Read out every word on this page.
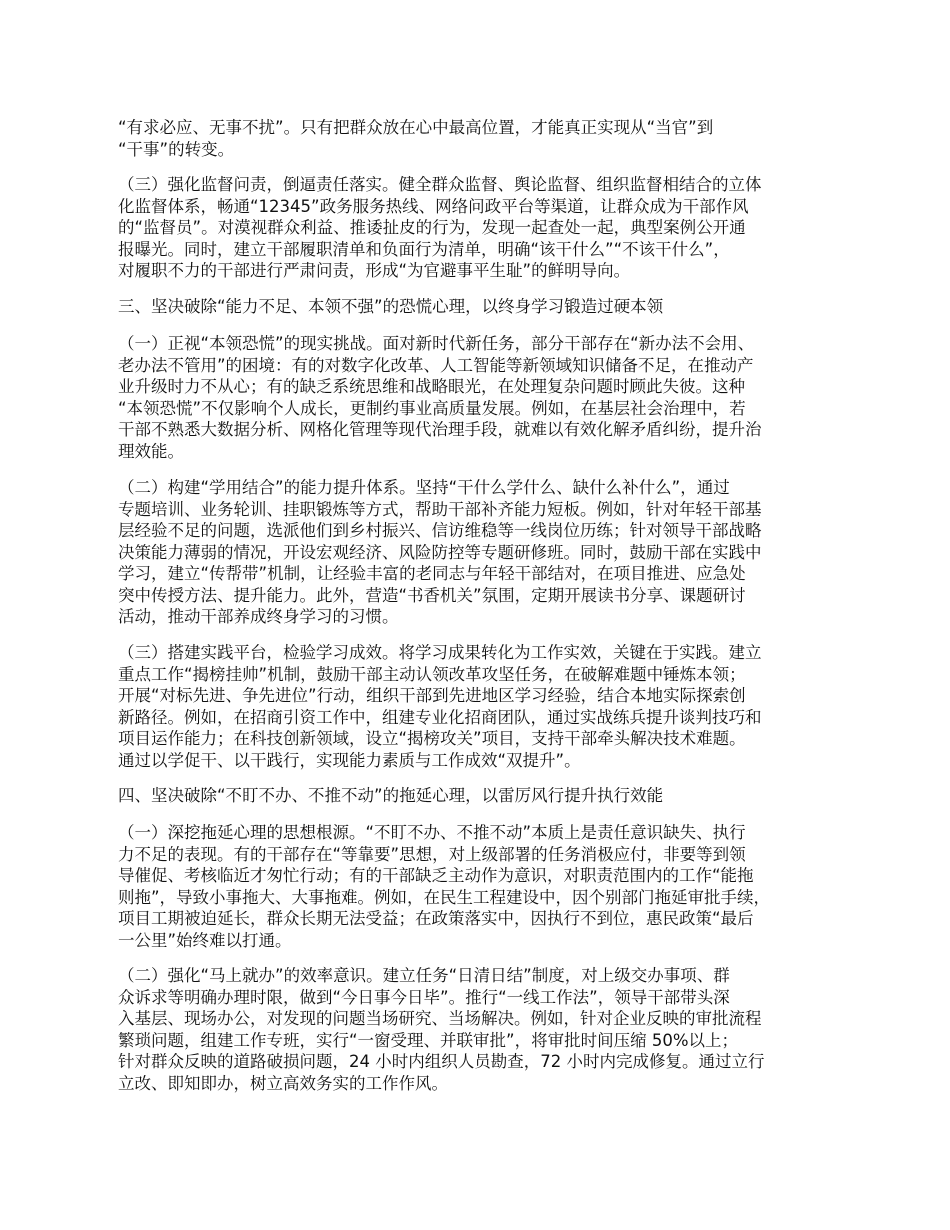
“有求必应、无事不扰”。只有把群众放在心中最高位置，才能真正实现从“当官”到
“干事”的转变。
（三）强化监督问责，倒逼责任落实。健全群众监督、舆论监督、组织监督相结合的立体
化监督体系，畅通“12345”政务服务热线、网络问政平台等渠道，让群众成为干部作风
的“监督员”。对漠视群众利益、推诿扯皮的行为，发现一起查处一起，典型案例公开通
报曝光。同时，建立干部履职清单和负面行为清单，明确“该干什么”“不该干什么”，
对履职不力的干部进行严肃问责，形成“为官避事平生耻”的鲜明导向。
三、坚决破除“能力不足、本领不强”的恐慌心理，以终身学习锻造过硬本领
（一）正视“本领恐慌”的现实挑战。面对新时代新任务，部分干部存在“新办法不会用、
老办法不管用”的困境：有的对数字化改革、人工智能等新领域知识储备不足，在推动产
业升级时力不从心；有的缺乏系统思维和战略眼光，在处理复杂问题时顾此失彼。这种
“本领恐慌”不仅影响个人成长，更制约事业高质量发展。例如，在基层社会治理中，若
干部不熟悉大数据分析、网格化管理等现代治理手段，就难以有效化解矛盾纠纷，提升治
理效能。
（二）构建“学用结合”的能力提升体系。坚持“干什么学什么、缺什么补什么”，通过
专题培训、业务轮训、挂职锻炼等方式，帮助干部补齐能力短板。例如，针对年轻干部基
层经验不足的问题，选派他们到乡村振兴、信访维稳等一线岗位历练；针对领导干部战略
决策能力薄弱的情况，开设宏观经济、风险防控等专题研修班。同时，鼓励干部在实践中
学习，建立“传帮带”机制，让经验丰富的老同志与年轻干部结对，在项目推进、应急处
突中传授方法、提升能力。此外，营造“书香机关”氛围，定期开展读书分享、课题研讨
活动，推动干部养成终身学习的习惯。
（三）搭建实践平台，检验学习成效。将学习成果转化为工作实效，关键在于实践。建立
重点工作“揭榜挂帅”机制，鼓励干部主动认领改革攻坚任务，在破解难题中锤炼本领；
开展“对标先进、争先进位”行动，组织干部到先进地区学习经验，结合本地实际探索创
新路径。例如，在招商引资工作中，组建专业化招商团队，通过实战练兵提升谈判技巧和
项目运作能力；在科技创新领域，设立“揭榜攻关”项目，支持干部牵头解决技术难题。
通过以学促干、以干践行，实现能力素质与工作成效“双提升”。
四、坚决破除“不盯不办、不推不动”的拖延心理，以雷厉风行提升执行效能
（一）深挖拖延心理的思想根源。“不盯不办、不推不动”本质上是责任意识缺失、执行
力不足的表现。有的干部存在“等靠要”思想，对上级部署的任务消极应付，非要等到领
导催促、考核临近才匆忙行动；有的干部缺乏主动作为意识，对职责范围内的工作“能拖
则拖”，导致小事拖大、大事拖难。例如，在民生工程建设中，因个别部门拖延审批手续，
项目工期被迫延长，群众长期无法受益；在政策落实中，因执行不到位，惠民政策“最后
一公里”始终难以打通。
（二）强化“马上就办”的效率意识。建立任务“日清日结”制度，对上级交办事项、群
众诉求等明确办理时限，做到“今日事今日毕”。推行“一线工作法”，领导干部带头深
入基层、现场办公，对发现的问题当场研究、当场解决。例如，针对企业反映的审批流程
繁琐问题，组建工作专班，实行“一窗受理、并联审批”，将审批时间压缩 50%以上；
针对群众反映的道路破损问题，24 小时内组织人员勘查，72 小时内完成修复。通过立行
立改、即知即办，树立高效务实的工作作风。
